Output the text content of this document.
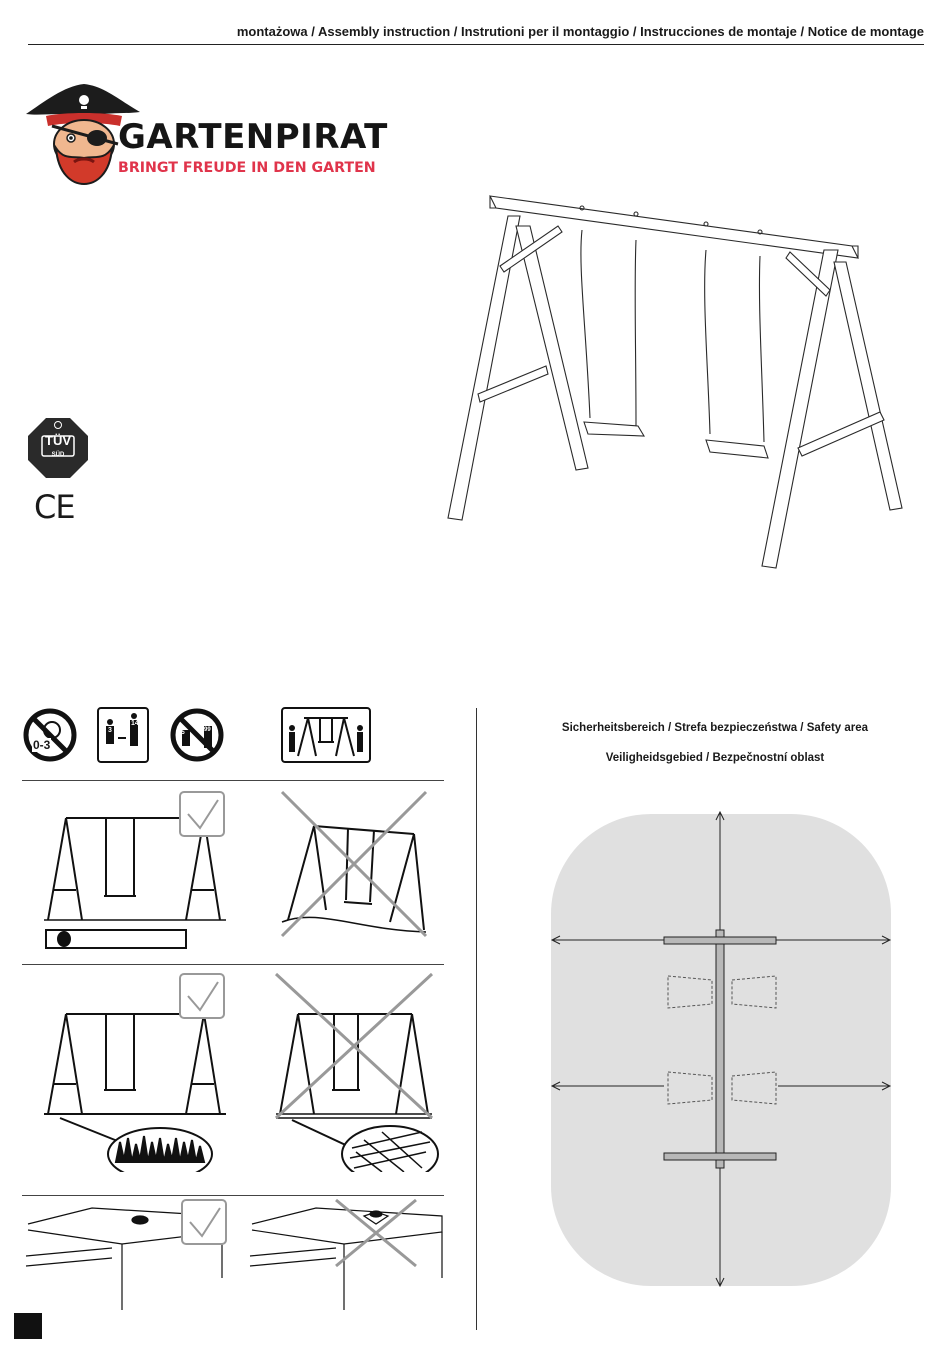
montażowa / Assembly instruction / Instrutioni per il montaggio / Instrucciones de montaje / Notice de montage
GARTENPIRAT
BRINGT FREUDE IN DEN GARTEN
TÜV
SÜD
CE
0-3
3
14
15	99	Sicherheitsbereich / Strefa bezpieczeństwa / Safety area
Veiligheidsgebied / Bezpečnostní oblast
